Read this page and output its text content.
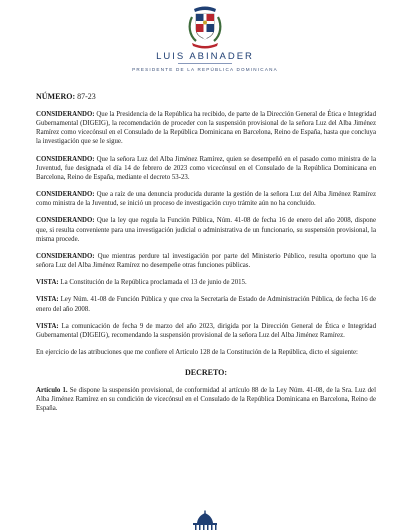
LUIS ABINADER
PRESIDENTE DE LA REPÚBLICA DOMINICANA
NÚMERO: 87-23

CONSIDERANDO: Que la Presidencia de la República ha recibido, de parte de la Dirección General de Ética e Integridad Gubernamental (DIGEIG), la recomendación de proceder con la suspensión provisional de la señora Luz del Alba Jiménez Ramírez como vicecónsul en el Consulado de la República Dominicana en Barcelona, Reino de España, hasta que concluya la investigación que se le sigue.

CONSIDERANDO: Que la señora Luz del Alba Jiménez Ramírez, quien se desempeñó en el pasado como ministra de la Juventud, fue designada el día 14 de febrero de 2023 como vicecónsul en el Consulado de la República Dominicana en Barcelona, Reino de España, mediante el decreto 53-23.

CONSIDERANDO: Que a raíz de una denuncia producida durante la gestión de la señora Luz del Alba Jiménez Ramírez como ministra de la Juventud, se inició un proceso de investigación cuyo trámite aún no ha concluido.

CONSIDERANDO: Que la ley que regula la Función Pública, Núm. 41-08 de fecha 16 de enero del año 2008, dispone que, si resulta conveniente para una investigación judicial o administrativa de un funcionario, su suspensión provisional, la misma procede.

CONSIDERANDO: Que mientras perdure tal investigación por parte del Ministerio Público, resulta oportuno que la señora Luz del Alba Jiménez Ramírez no desempeñe otras funciones públicas.

VISTA: La Constitución de la República proclamada el 13 de junio de 2015.

VISTA: Ley Núm. 41-08 de Función Pública y que crea la Secretaría de Estado de Administración Pública, de fecha 16 de enero del año 2008.

VISTA: La comunicación de fecha 9 de marzo del año 2023, dirigida por la Dirección General de Ética e Integridad Gubernamental (DIGEIG), recomendando la suspensión provisional de la señora Luz del Alba Jiménez Ramírez.

En ejercicio de las atribuciones que me confiere el Artículo 128 de la Constitución de la República, dicto el siguiente:

DECRETO:

Artículo 1. Se dispone la suspensión provisional, de conformidad al artículo 88 de la Ley Núm. 41-08, de la Sra. Luz del Alba Jiménez Ramírez en su condición de vicecónsul en el Consulado de la República Dominicana en Barcelona, Reino de España.
